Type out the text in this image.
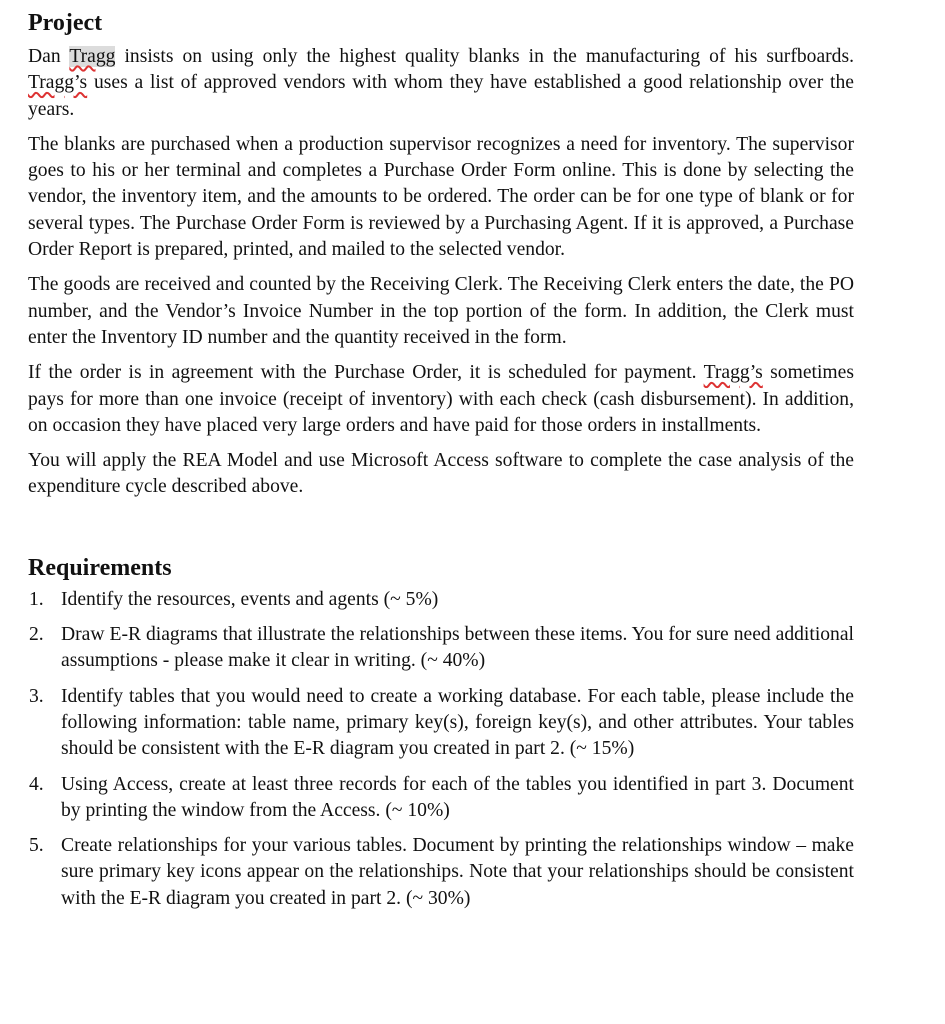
Project

Dan Tragg insists on using only the highest quality blanks in the manufacturing of his surfboards. Tragg’s uses a list of approved vendors with whom they have established a good relationship over the years.

The blanks are purchased when a production supervisor recognizes a need for inventory. The supervisor goes to his or her terminal and completes a Purchase Order Form online. This is done by selecting the vendor, the inventory item, and the amounts to be ordered. The order can be for one type of blank or for several types. The Purchase Order Form is reviewed by a Purchasing Agent. If it is approved, a Purchase Order Report is prepared, printed, and mailed to the selected vendor.

The goods are received and counted by the Receiving Clerk. The Receiving Clerk enters the date, the PO number, and the Vendor’s Invoice Number in the top portion of the form. In addition, the Clerk must enter the Inventory ID number and the quantity received in the form.

If the order is in agreement with the Purchase Order, it is scheduled for payment. Tragg’s sometimes pays for more than one invoice (receipt of inventory) with each check (cash disbursement). In addition, on occasion they have placed very large orders and have paid for those orders in installments.

You will apply the REA Model and use Microsoft Access software to complete the case analysis of the expenditure cycle described above.

Requirements
1. Identify the resources, events and agents (~ 5%)

2. Draw E-R diagrams that illustrate the relationships between these items. You for sure need additional assumptions - please make it clear in writing. (~ 40%)

3. Identify tables that you would need to create a working database. For each table, please include the following information: table name, primary key(s), foreign key(s), and other attributes. Your tables should be consistent with the E-R diagram you created in part 2. (~ 15%)

4. Using Access, create at least three records for each of the tables you identified in part 3. Document by printing the window from the Access. (~ 10%)

5. Create relationships for your various tables. Document by printing the relationships window – make sure primary key icons appear on the relationships. Note that your relationships should be consistent with the E-R diagram you created in part 2. (~ 30%)
